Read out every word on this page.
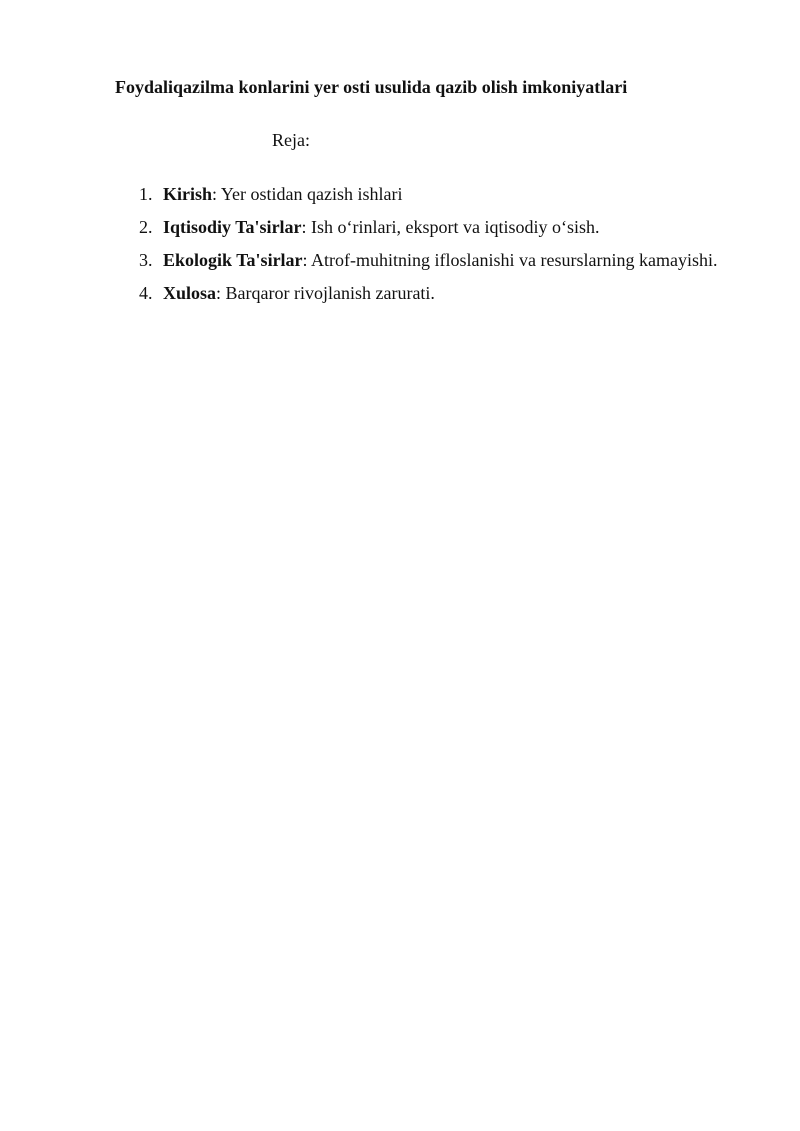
Foydaliqazilma konlarini yer osti usulida qazib olish imkoniyatlari
Reja:
1. Kirish: Yer ostidan qazish ishlari
2. Iqtisodiy Ta'sirlar: Ish o‘rinlari, eksport va iqtisodiy o‘sish.
3. Ekologik Ta'sirlar: Atrof-muhitning ifloslanishi va resurslarning kamayishi.
4. Xulosa: Barqaror rivojlanish zarurati.
